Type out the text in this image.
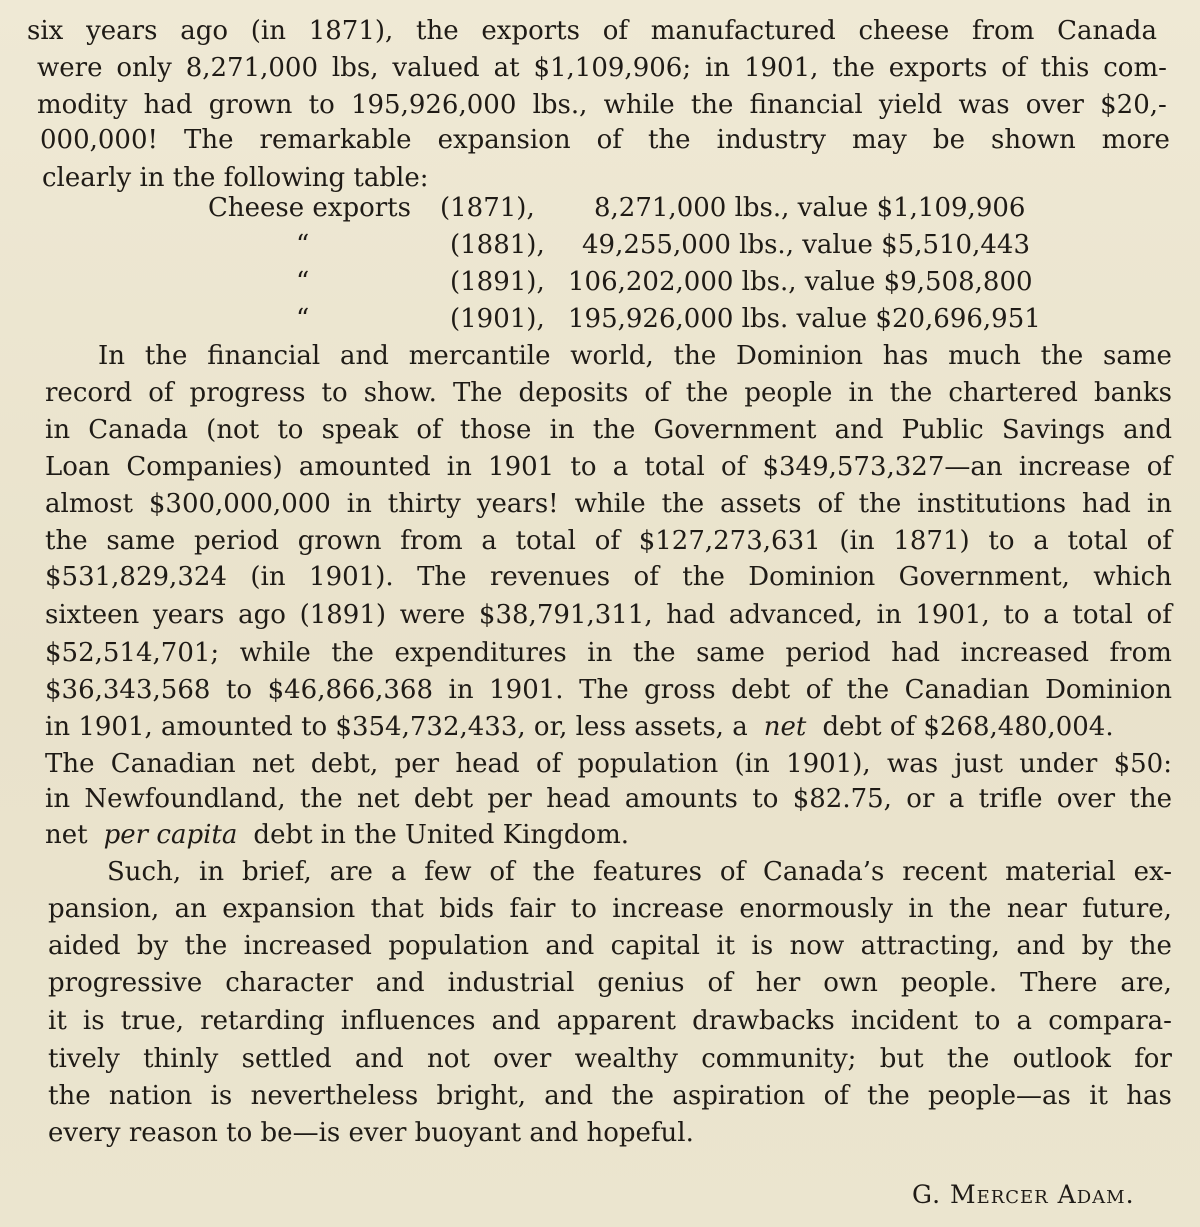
six years ago (in 1871), the exports of manufactured cheese from Canada
were only 8,271,000 lbs, valued at $1,109,906; in 1901, the exports of this com-
modity had grown to 195,926,000 lbs., while the financial yield was over $20,-
000,000! The remarkable expansion of the industry may be shown more
clearly in the following table:
Cheese exports (1871), 8,271,000 lbs., value $1,109,906
“	(1881), 49,255,000 lbs., value $5,510,443
“	(1891), 106,202,000 lbs., value $9,508,800
“	(1901), 195,926,000 lbs. value $20,696,951
In the financial and mercantile world, the Dominion has much the same
record of progress to show. The deposits of the people in the chartered banks
in Canada (not to speak of those in the Government and Public Savings and
Loan Companies) amounted in 1901 to a total of $349,573,327—an increase of
almost $300,000,000 in thirty years! while the assets of the institutions had in
the same period grown from a total of $127,273,631 (in 1871) to a total of
$531,829,324 (in 1901). The revenues of the Dominion Government, which
sixteen years ago (1891) were $38,791,311, had advanced, in 1901, to a total of
$52,514,701; while the expenditures in the same period had increased from
$36,343,568 to $46,866,368 in 1901. The gross debt of the Canadian Dominion
in 1901, amounted to $354,732,433, or, less assets, a net debt of $268,480,004.
The Canadian net debt, per head of population (in 1901), was just under $50:
in Newfoundland, the net debt per head amounts to $82.75, or a trifle over the
net per capita debt in the United Kingdom.
Such, in brief, are a few of the features of Canada’s recent material ex-
pansion, an expansion that bids fair to increase enormously in the near future,
aided by the increased population and capital it is now attracting, and by the
progressive character and industrial genius of her own people. There are,
it is true, retarding influences and apparent drawbacks incident to a compara-
tively thinly settled and not over wealthy community; but the outlook for
the nation is nevertheless bright, and the aspiration of the people—as it has
every reason to be—is ever buoyant and hopeful.
G. Mercer Adam.
